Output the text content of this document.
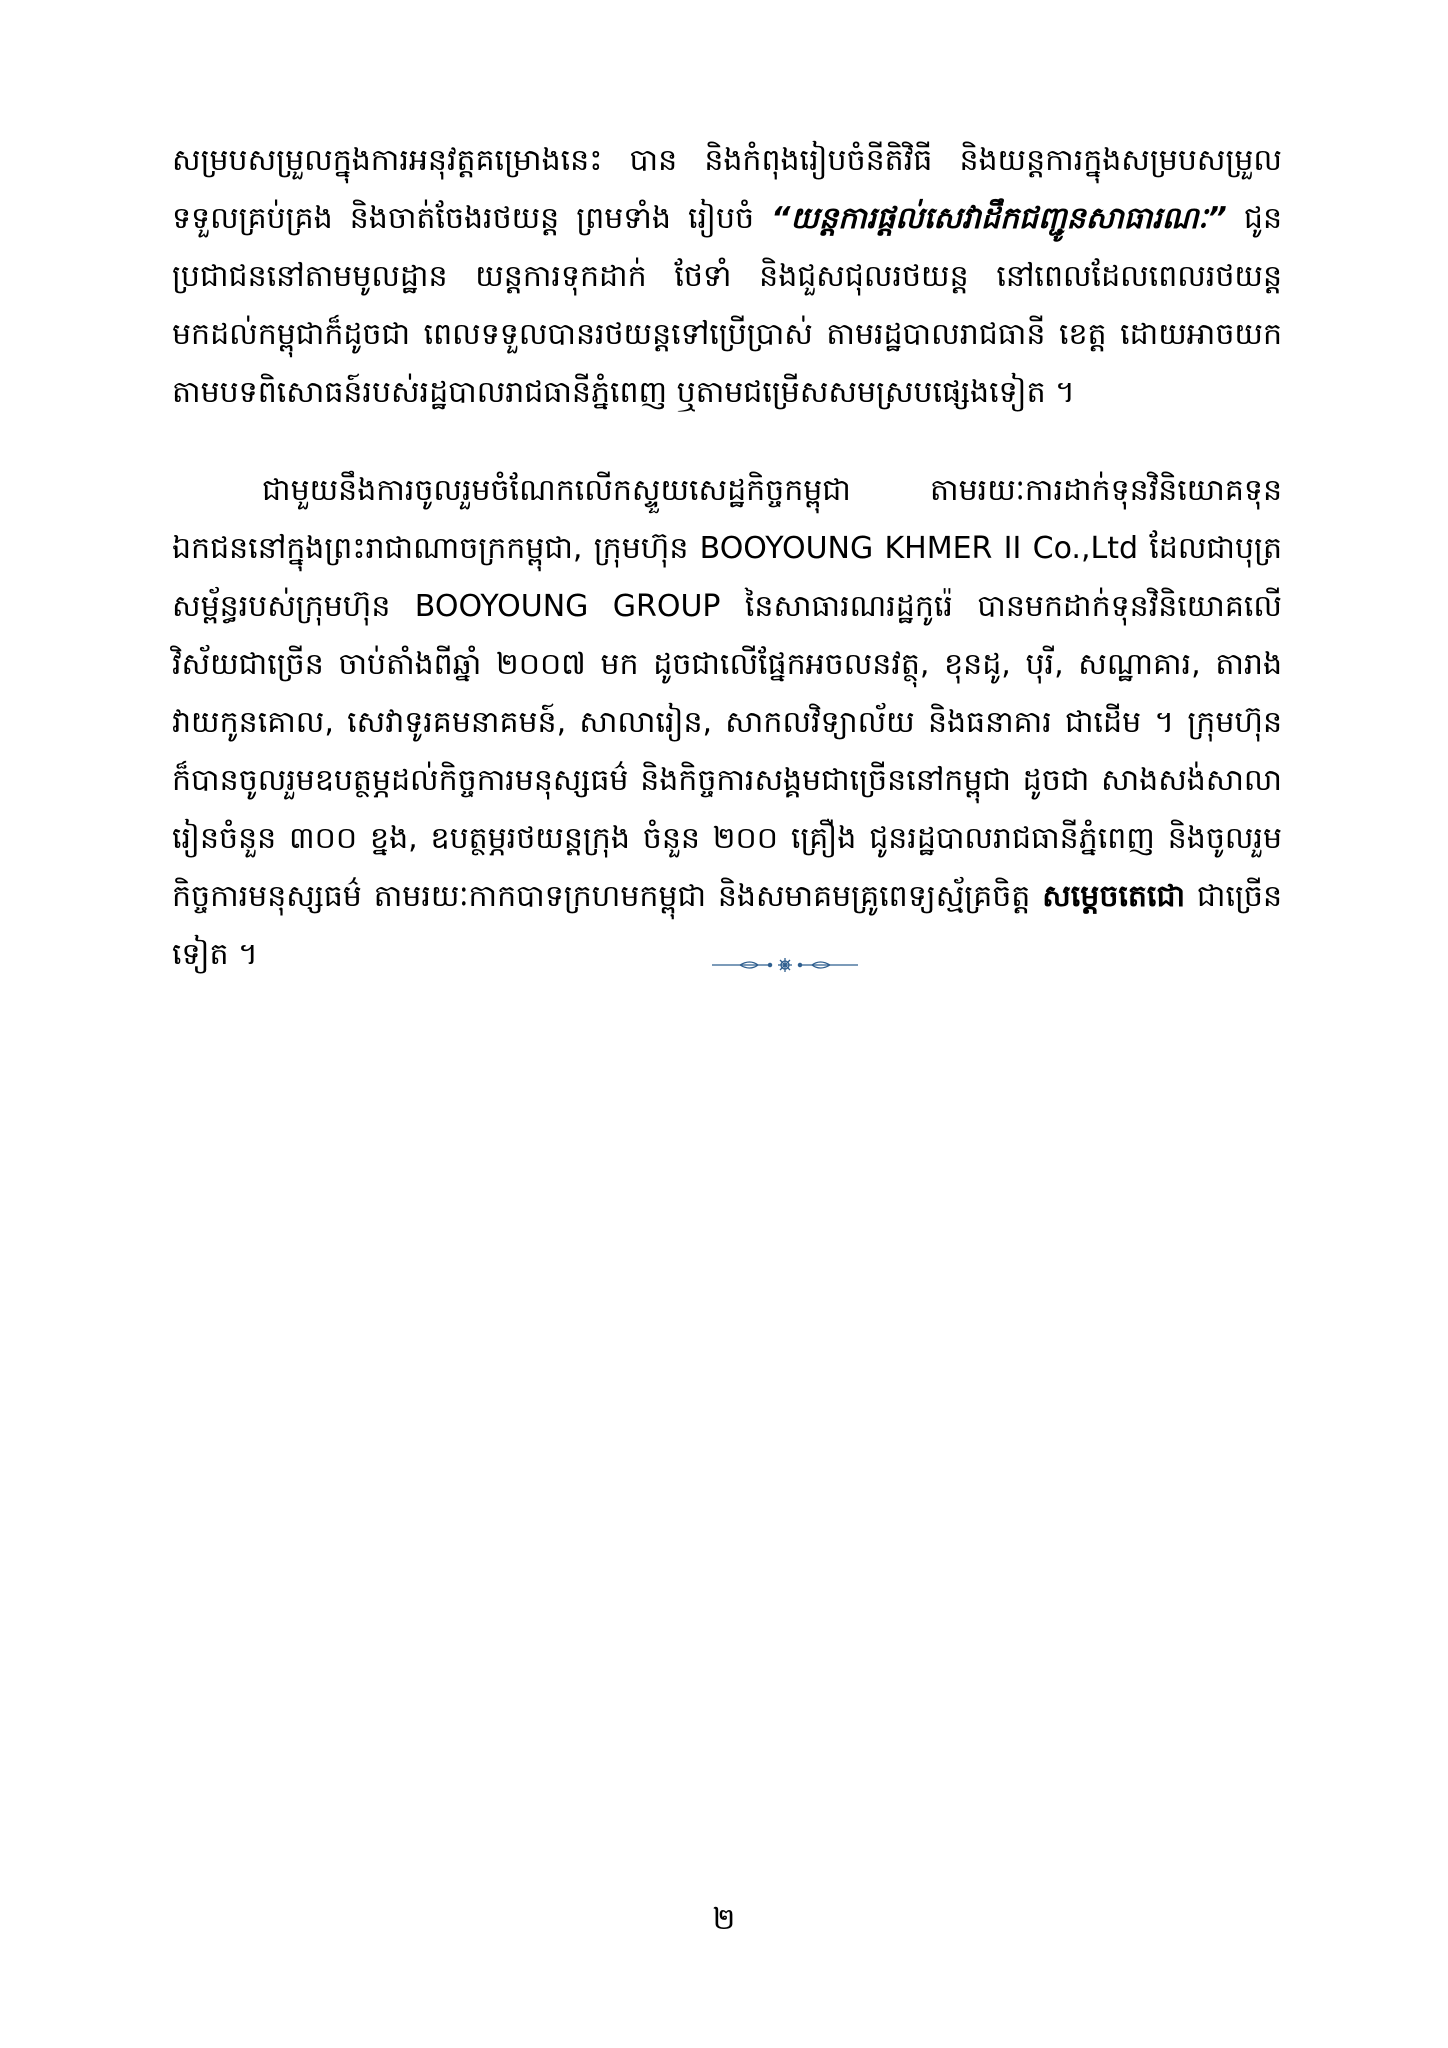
សម្របសម្រួលក្នុងការអនុវត្តគម្រោងនេះ បាន និងកំពុងរៀបចំនីតិវិធី និងយន្តការក្នុងសម្របសម្រួល ទទួលគ្រប់គ្រង និងចាត់ចែងរថយន្ត ព្រមទាំង រៀបចំ “យន្តការផ្តល់សេវាដឹកជញ្ជូនសាធារណៈ” ជូនប្រជាជននៅតាមមូលដ្ឋាន យន្តការទុកដាក់ ថែទាំ និងជួសជុលរថយន្ត នៅពេលដែលពេលរថយន្តមកដល់កម្ពុជាក៏ដូចជា ពេលទទួលបានរថយន្តទៅប្រើប្រាស់ តាមរដ្ឋបាលរាជធានី ខេត្ត ដោយអាចយកតាមបទពិសោធន៍របស់រដ្ឋបាលរាជធានីភ្នំពេញ ឬតាមជម្រើសសមស្របផ្សេងទៀត ។

ជាមួយនឹងការចូលរួមចំណែកលើកស្ទួយសេដ្ឋកិច្ចកម្ពុជា តាមរយៈការដាក់ទុនវិនិយោគទុនឯកជននៅក្នុងព្រះរាជាណាចក្រកម្ពុជា, ក្រុមហ៊ុន BOOYOUNG KHMER II Co.,Ltd ដែលជាបុត្រសម្ព័ន្ធរបស់ក្រុមហ៊ុន BOOYOUNG GROUP នៃសាធារណរដ្ឋកូរ៉េ បានមកដាក់ទុនវិនិយោគលើវិស័យជាច្រើន ចាប់តាំងពីឆ្នាំ ២០០៧ មក ដូចជាលើផ្នែកអចលនវត្ថុ, ខុនដូ, បុរី, សណ្ឋាគារ, តារាងវាយកូនគោល, សេវាទូរគមនាគមន៍, សាលារៀន, សាកលវិទ្យាល័យ និងធនាគារ ជាដើម ។ ក្រុមហ៊ុន ក៏បានចូលរួមឧបត្ថម្ភដល់កិច្ចការមនុស្សធម៌ និងកិច្ចការសង្គមជាច្រើននៅកម្ពុជា ដូចជា សាងសង់សាលារៀនចំនួន ៣០០ ខ្នង, ឧបត្ថម្ភរថយន្តក្រុង ចំនួន ២០០ គ្រឿង ជូនរដ្ឋបាលរាជធានីភ្នំពេញ និងចូលរួមកិច្ចការមនុស្សធម៌ តាមរយៈកាកបាទក្រហមកម្ពុជា និងសមាគមគ្រូពេទ្យស្ម័គ្រចិត្ត សម្តេចតេជោ ជាច្រើនទៀត ។

២
